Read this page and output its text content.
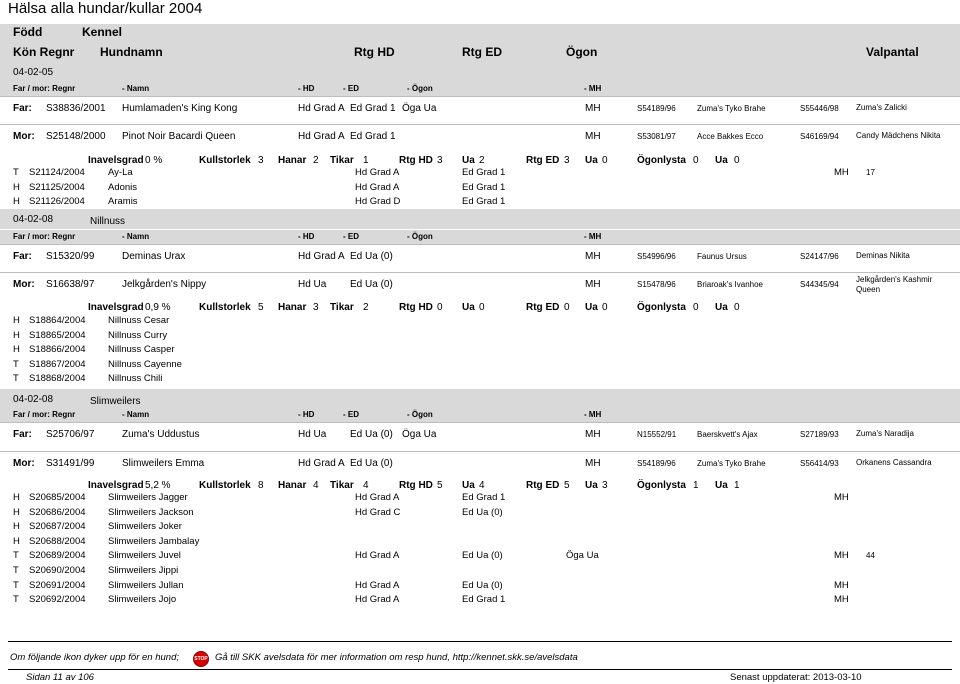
Hälsa alla hundar/kullar 2004
Född	Kennel
Kön Regnr Hundnamn	Rtg HD	Rtg ED	Ögon	Valpantal
04-02-05
Far / mor: Regnr	- Namn	- HD	- ED	- Ögon	- MH
Far: S38836/2001 Humlamaden's King Kong	Hd Grad A Ed Grad 1 Öga Ua	MH	S54189/96	Zuma's Tyko Brahe	S55446/98 Zuma's Zalicki
Mor: S25148/2000 Pinot Noir Bacardi Queen	Hd Grad A Ed Grad 1	MH	S53081/97	Acce Bakkes Ecco	S46169/94 Candy Mädchens Nikita
Inavelsgrad 0 %	Kullstorlek 3 Hanar 2 Tikar 1	Rtg HD 3 Ua 2	Rtg ED 3 Ua 0	Ögonlysta 0 Ua 0
T S21124/2004 Ay-La	Hd Grad A	Ed Grad 1	MH 17
H S21125/2004 Adonis	Hd Grad A	Ed Grad 1
H S21126/2004 Aramis	Hd Grad D	Ed Grad 1
04-02-08	Nillnuss
Far / mor: Regnr	- Namn	- HD	- ED	- Ögon	- MH
Far: S15320/99	Deminas Urax	Hd Grad A Ed Ua (0)	MH	S54996/96	Faunus Ursus	S24147/96 Deminas Nikita
Mor: S16638/97	Jelkgården's Nippy	Hd Ua Ed Ua (0)	MH	S15478/96	Briaroak's Ivanhoe	S44345/94
Jelkgården's Kashmir
Queen
Inavelsgrad 0,9 %	Kullstorlek 5 Hanar 3 Tikar 2	Rtg HD 0 Ua 0	Rtg ED 0 Ua 0	Ögonlysta 0 Ua 0
H S18864/2004 Nillnuss Cesar
H S18865/2004 Nillnuss Curry
H S18866/2004 Nillnuss Casper
T S18867/2004 Nillnuss Cayenne
T S18868/2004 Nillnuss Chili
04-02-08	Slimweilers
Far / mor: Regnr	- Namn	- HD	- ED	- Ögon	- MH
Far: S25706/97	Zuma's Uddustus	Hd Ua Ed Ua (0) Öga Ua	MH	N15552/91	Baerskvett's Ajax	S27189/93 Zuma's Naradija
Mor: S31491/99	Slimweilers Emma	Hd Grad A Ed Ua (0)	MH	S54189/96	Zuma's Tyko Brahe	S56414/93 Orkanens Cassandra
Inavelsgrad 5,2 %	Kullstorlek 8 Hanar 4 Tikar 4	Rtg HD 5 Ua 4	Rtg ED 5 Ua 3	Ögonlysta 1 Ua 1
H S20685/2004 Slimweilers Jagger	Hd Grad A	Ed Grad 1	MH
H S20686/2004 Slimweilers Jackson	Hd Grad C	Ed Ua (0)
H S20687/2004 Slimweilers Joker
H S20688/2004 Slimweilers Jambalay
T S20689/2004 Slimweilers Juvel	Hd Grad A	Ed Ua (0)	Öga Ua	MH 44
T S20690/2004 Slimweilers Jippi
T S20691/2004 Slimweilers Jullan	Hd Grad A	Ed Ua (0)	MH
T S20692/2004 Slimweilers Jojo	Hd Grad A	Ed Grad 1	MH
Om följande ikon dyker upp för en hund;	STOP Gå till SKK avelsdata för mer information om resp hund, http://kennet.skk.se/avelsdata
Sidan 11 av 106	Senast uppdaterat: 2013-03-10
